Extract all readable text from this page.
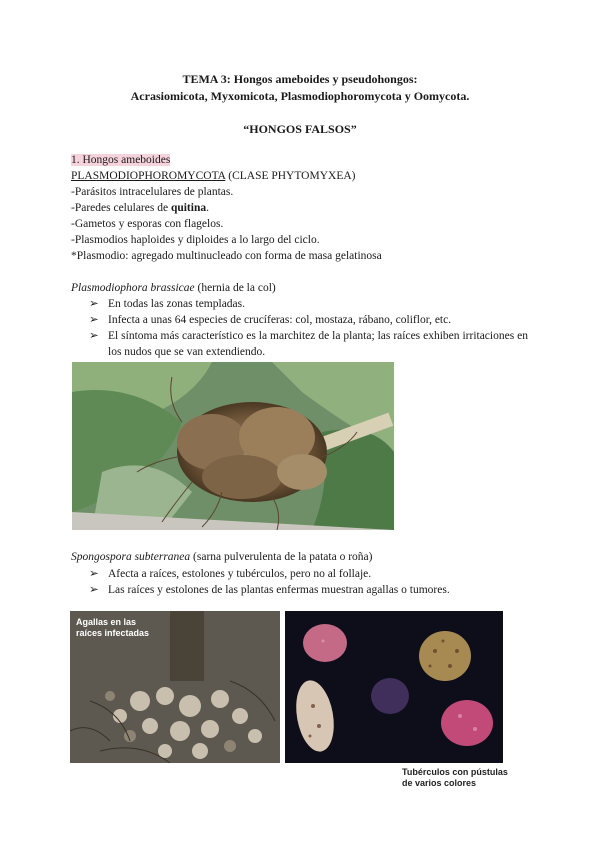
TEMA 3: Hongos ameboides y pseudohongos:
Acrasiomicota, Myxomicota, Plasmodiophoromycota y Oomycota.
“HONGOS FALSOS”
1. Hongos ameboides
PLASMODIOPHOROMYCOTA (CLASE PHYTOMYXEA)
-Parásitos intracelulares de plantas.
-Paredes celulares de quitina.
-Gametos y esporas con flagelos.
-Plasmodios haploides y diploides a lo largo del ciclo.
*Plasmodio: agregado multinucleado con forma de masa gelatinosa
Plasmodiophora brassicae (hernia de la col)
➢ En todas las zonas templadas.
➢ Infecta a unas 64 especies de crucíferas: col, mostaza, rábano, coliflor, etc.
➢ El síntoma más característico es la marchitez de la planta; las raíces exhiben irritaciones en los nudos que se van extendiendo.
Spongospora subterranea (sarna pulverulenta de la patata o roña)
➢ Afecta a raíces, estolones y tubérculos, pero no al follaje.
➢ Las raíces y estolones de las plantas enfermas muestran agallas o tumores.
Agallas en las
raíces infectadas
Tubérculos con pústulas
de varios colores
